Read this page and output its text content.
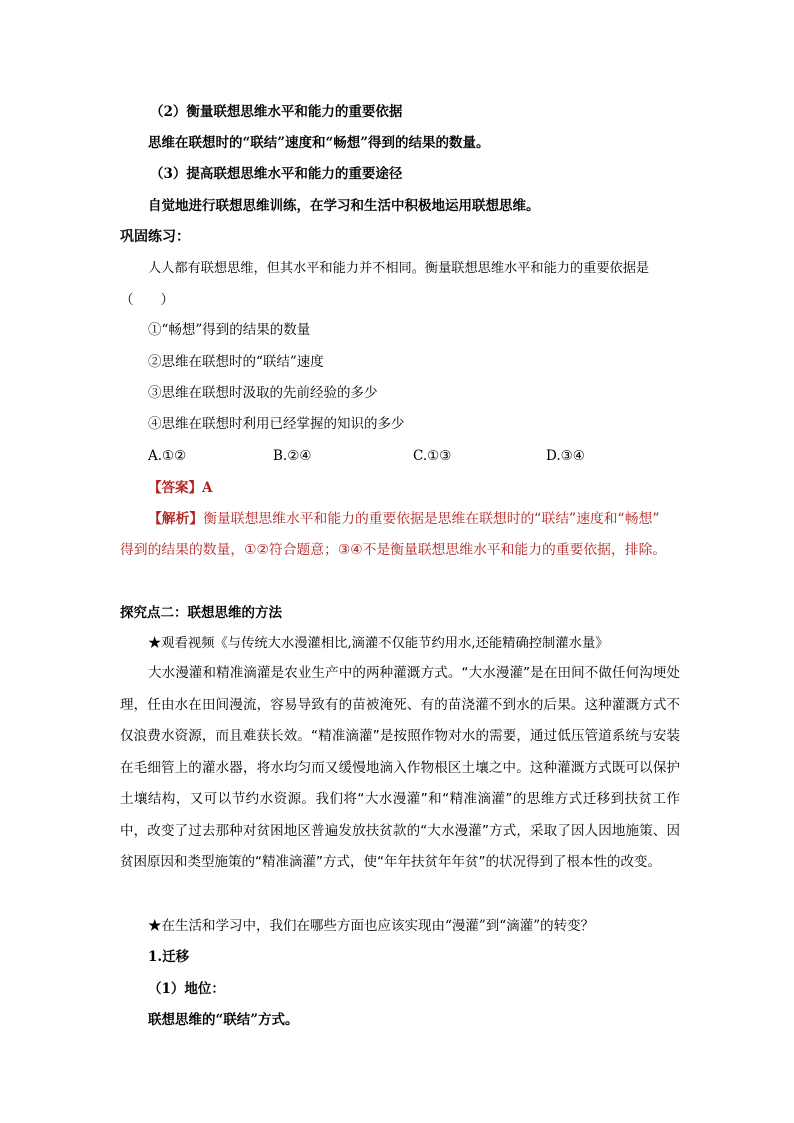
（2）衡量联想思维水平和能力的重要依据
思维在联想时的“联结”速度和“畅想”得到的结果的数量。
（3）提高联想思维水平和能力的重要途径
自觉地进行联想思维训练，在学习和生活中积极地运用联想思维。
巩固练习：
人人都有联想思维，但其水平和能力并不相同。衡量联想思维水平和能力的重要依据是
（　　）
①“畅想”得到的结果的数量
②思维在联想时的“联结”速度
③思维在联想时汲取的先前经验的多少
④思维在联想时利用已经掌握的知识的多少
A.①②	B.②④	C.①③	D.③④
【答案】A
【解析】衡量联想思维水平和能力的重要依据是思维在联想时的“联结”速度和“畅想”
得到的结果的数量，①②符合题意；③④不是衡量联想思维水平和能力的重要依据，排除。
探究点二：联想思维的方法
★观看视频《与传统大水漫灌相比,滴灌不仅能节约用水,还能精确控制灌水量》
大水漫灌和精准滴灌是农业生产中的两种灌溉方式。“大水漫灌”是在田间不做任何沟埂处理，任由水在田间漫流，容易导致有的苗被淹死、有的苗浇灌不到水的后果。这种灌溉方式不仅浪费水资源，而且难获长效。“精准滴灌”是按照作物对水的需要，通过低压管道系统与安装在毛细管上的灌水器，将水均匀而又缓慢地滴入作物根区土壤之中。这种灌溉方式既可以保护土壤结构，又可以节约水资源。我们将“大水漫灌”和“精准滴灌”的思维方式迁移到扶贫工作中，改变了过去那种对贫困地区普遍发放扶贫款的“大水漫灌”方式，采取了因人因地施策、因贫困原因和类型施策的“精准滴灌”方式，使“年年扶贫年年贫”的状况得到了根本性的改变。
★在生活和学习中，我们在哪些方面也应该实现由“漫灌”到“滴灌”的转变？
1.迁移
（1）地位：
联想思维的“联结”方式。
